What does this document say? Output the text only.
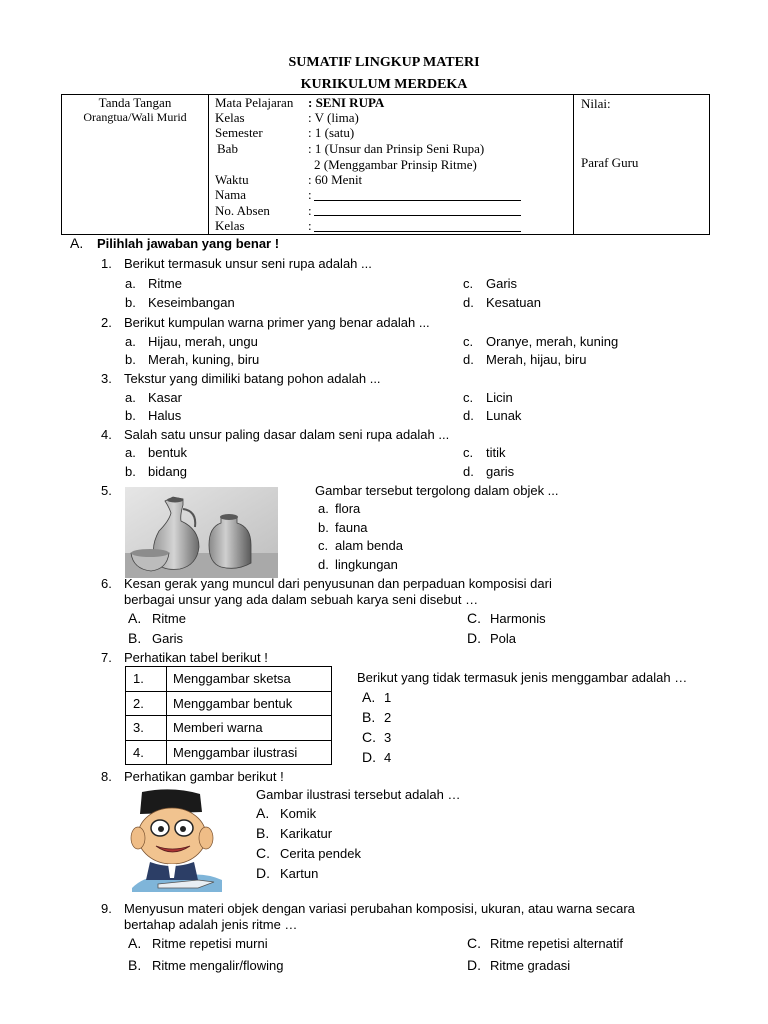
SUMATIF LINGKUP MATERI
KURIKULUM MERDEKA
Tanda Tangan
Orangtua/Wali Murid
Nilai:
Paraf Guru
Mata Pelajaran : SENI RUPA
Kelas	: V (lima)
Semester	: 1 (satu)
Bab	: 1 (Unsur dan Prinsip Seni Rupa)
2 (Menggambar Prinsip Ritme)
Waktu	: 60 Menit
Nama	:
No. Absen	:
Kelas	:
A. Pilihlah jawaban yang benar !
1. Berikut termasuk unsur seni rupa adalah ...
a. Ritme
b. Keseimbangan
c. Garis
d. Kesatuan
2. Berikut kumpulan warna primer yang benar adalah ...
a. Hijau, merah, ungu
b. Merah, kuning, biru
c. Oranye, merah, kuning
d. Merah, hijau, biru
3. Tekstur yang dimiliki batang pohon adalah ...
a. Kasar
b. Halus
c. Licin
d. Lunak
4. Salah satu unsur paling dasar dalam seni rupa adalah ...
a. bentuk
b. bidang
c. titik
d. garis
5.	Gambar tersebut tergolong dalam objek ...
a. flora
b. fauna
c. alam benda
d. lingkungan
6. Kesan gerak yang muncul dari penyusunan dan perpaduan komposisi dari
berbagai unsur yang ada dalam sebuah karya seni disebut …
A. Ritme
B. Garis
C. Harmonis
D. Pola
7. Perhatikan tabel berikut !
1.	Menggambar sketsa
2.	Menggambar bentuk
3.	Memberi warna
4.	Menggambar ilustrasi
Berikut yang tidak termasuk jenis menggambar adalah …
A. 1
B. 2
C. 3
D. 4
8. Perhatikan gambar berikut !
Gambar ilustrasi tersebut adalah …
A. Komik
B. Karikatur
C. Cerita pendek
D. Kartun
9. Menyusun materi objek dengan variasi perubahan komposisi, ukuran, atau warna secara
bertahap adalah jenis ritme …
A. Ritme repetisi murni
B. Ritme mengalir/flowing
C. Ritme repetisi alternatif
D. Ritme gradasi
